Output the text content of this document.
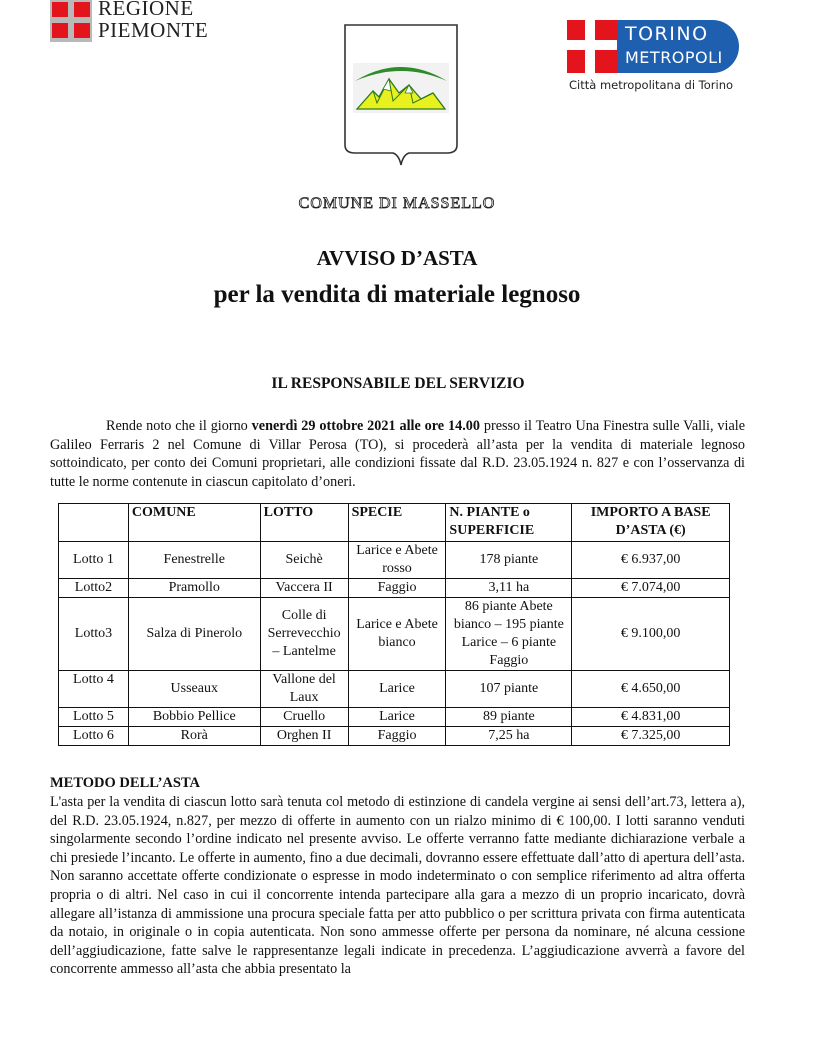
REGIONE
PIEMONTE	TORINO
METROPOLI
Città metropolitana di Torino
COMUNE DI MASSELLO
AVVISO D’ASTA
per la vendita di materiale legnoso
IL RESPONSABILE DEL SERVIZIO
Rende noto che il giorno venerdì 29 ottobre 2021 alle ore 14.00 presso il Teatro Una Finestra sulle Valli, viale Galileo Ferraris 2 nel Comune di Villar Perosa (TO), si procederà all’asta per la vendita di materiale legnoso sottoindicato, per conto dei Comuni proprietari, alle condizioni fissate dal R.D. 23.05.1924 n. 827 e con l’osservanza di tutte le norme contenute in ciascun capitolato d’oneri.
	COMUNE	LOTTO	SPECIE	N. PIANTE o SUPERFICIE	IMPORTO A BASE D’ASTA (€)
Lotto 1	Fenestrelle	Seichè	Larice e Abete rosso	178 piante	€ 6.937,00
Lotto2	Pramollo	Vaccera II	Faggio	3,11 ha	€ 7.074,00
Lotto3	Salza di Pinerolo	Colle di Serrevecchio – Lantelme	Larice e Abete bianco	86 piante Abete bianco – 195 piante Larice – 6 piante Faggio	€ 9.100,00
Lotto 4	Usseaux	Vallone del Laux	Larice	107 piante	€ 4.650,00
Lotto 5	Bobbio Pellice	Cruello	Larice	89 piante	€ 4.831,00
Lotto 6	Rorà	Orghen II	Faggio	7,25 ha	€ 7.325,00
METODO DELL’ASTA
L'asta per la vendita di ciascun lotto sarà tenuta col metodo di estinzione di candela vergine ai sensi dell’art.73, lettera a), del R.D. 23.05.1924, n.827, per mezzo di offerte in aumento con un rialzo minimo di € 100,00. I lotti saranno venduti singolarmente secondo l’ordine indicato nel presente avviso. Le offerte verranno fatte mediante dichiarazione verbale a chi presiede l’incanto. Le offerte in aumento, fino a due decimali, dovranno essere effettuate dall’atto di apertura dell’asta. Non saranno accettate offerte condizionate o espresse in modo indeterminato o con semplice riferimento ad altra offerta propria o di altri. Nel caso in cui il concorrente intenda partecipare alla gara a mezzo di un proprio incaricato, dovrà allegare all’istanza di ammissione una procura speciale fatta per atto pubblico o per scrittura privata con firma autenticata da notaio, in originale o in copia autenticata. Non sono ammesse offerte per persona da nominare, né alcuna cessione dell’aggiudicazione, fatte salve le rappresentanze legali indicate in precedenza. L’aggiudicazione avverrà a favore del concorrente ammesso all’asta che abbia presentato la
